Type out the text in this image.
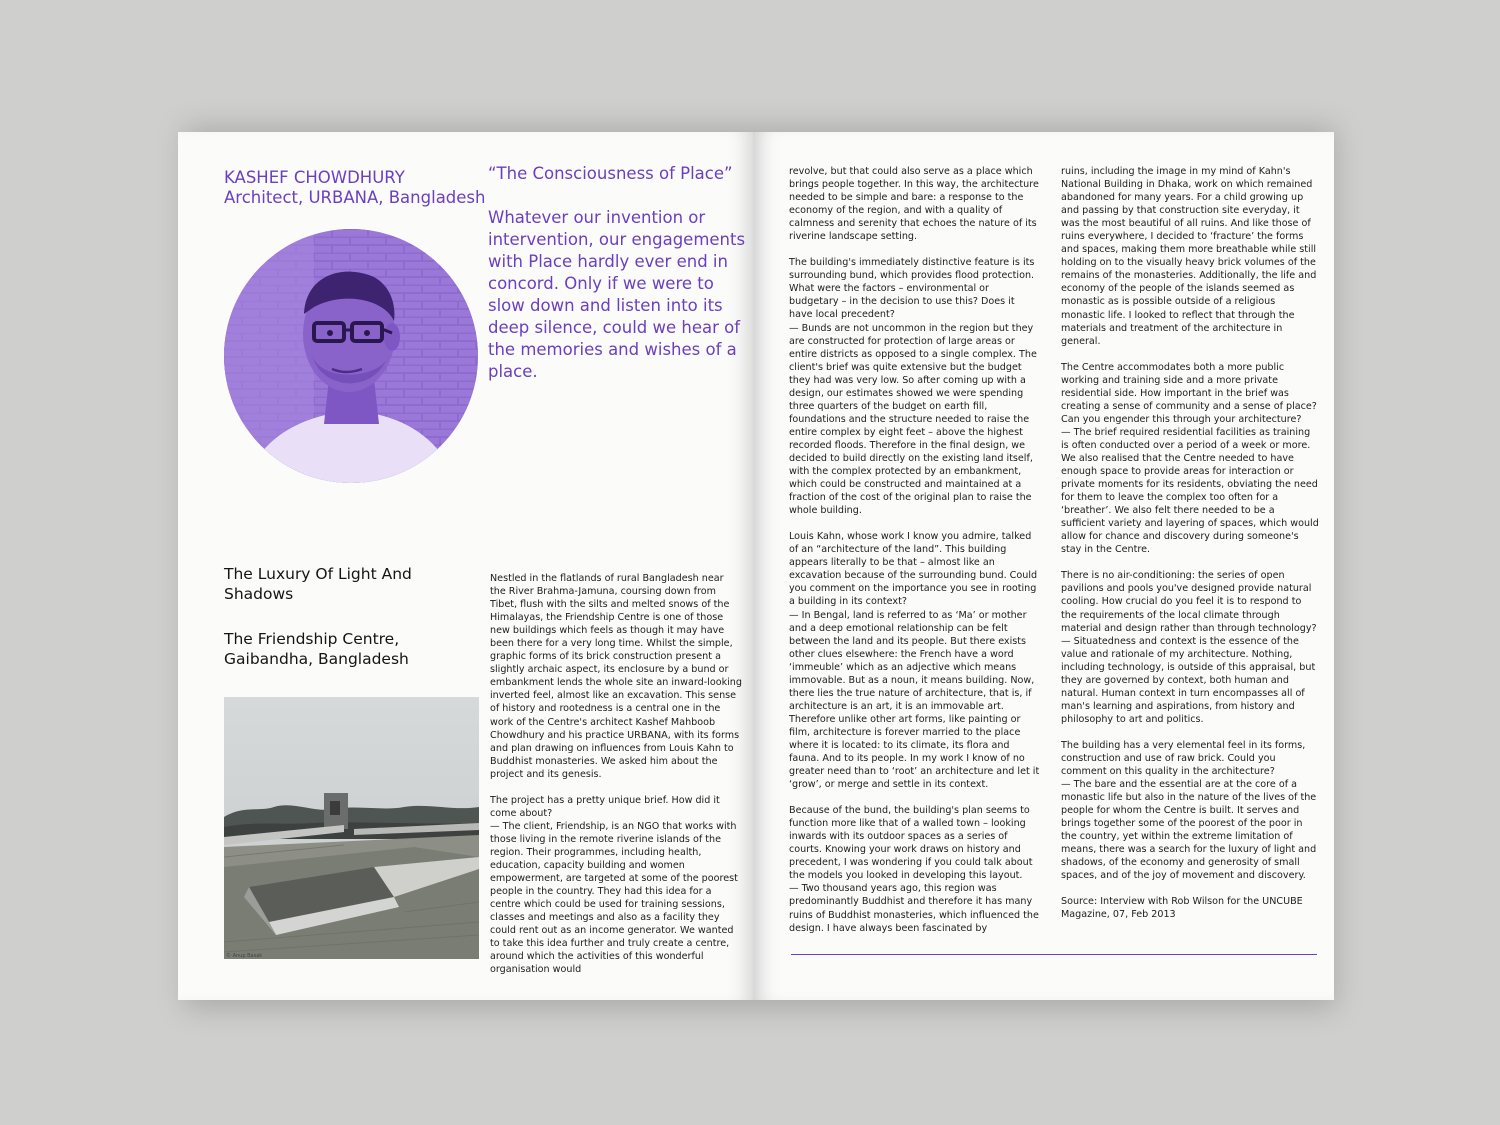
KASHEF CHOWDHURY
Architect, URBANA, Bangladesh
“The Consciousness of Place”
Whatever our invention or intervention, our engagements with Place hardly ever end in concord. Only if we were to slow down and listen into its deep silence, could we hear of the memories and wishes of a place.
The Luxury Of Light And Shadows
The Friendship Centre, Gaibandha, Bangladesh
© Anup Basak

Nestled in the flatlands of rural Bangladesh near the River Brahma-Jamuna, coursing down from Tibet, flush with the silts and melted snows of the Himalayas, the Friendship Centre is one of those new buildings which feels as though it may have been there for a very long time. Whilst the simple, graphic forms of its brick construction present a slightly archaic aspect, its enclosure by a bund or embankment lends the whole site an inward-looking inverted feel, almost like an excavation. This sense of history and rootedness is a central one in the work of the Centre's architect Kashef Mahboob Chowdhury and his practice URBANA, with its forms and plan drawing on influences from Louis Kahn to Buddhist monasteries. We asked him about the project and its genesis.

The project has a pretty unique brief. How did it come about?
— The client, Friendship, is an NGO that works with those living in the remote riverine islands of the region. Their programmes, including health, education, capacity building and women empowerment, are targeted at some of the poorest people in the country. They had this idea for a centre which could be used for training sessions, classes and meetings and also as a facility they could rent out as an income generator. We wanted to take this idea further and truly create a centre, around which the activities of this wonderful organisation would

revolve, but that could also serve as a place which brings people together. In this way, the architecture needed to be simple and bare: a response to the economy of the region, and with a quality of calmness and serenity that echoes the nature of its riverine landscape setting.

The building's immediately distinctive feature is its surrounding bund, which provides flood protection. What were the factors – environmental or budgetary – in the decision to use this? Does it have local precedent?
— Bunds are not uncommon in the region but they are constructed for protection of large areas or entire districts as opposed to a single complex. The client's brief was quite extensive but the budget they had was very low. So after coming up with a design, our estimates showed we were spending three quarters of the budget on earth fill, foundations and the structure needed to raise the entire complex by eight feet – above the highest recorded floods. Therefore in the final design, we decided to build directly on the existing land itself, with the complex protected by an embankment, which could be constructed and maintained at a fraction of the cost of the original plan to raise the whole building.

Louis Kahn, whose work I know you admire, talked of an “architecture of the land”. This building appears literally to be that – almost like an excavation because of the surrounding bund. Could you comment on the importance you see in rooting a building in its context?
— In Bengal, land is referred to as ‘Ma’ or mother and a deep emotional relationship can be felt between the land and its people. But there exists other clues elsewhere: the French have a word ‘immeuble’ which as an adjective which means immovable. But as a noun, it means building. Now, there lies the true nature of architecture, that is, if architecture is an art, it is an immovable art. Therefore unlike other art forms, like painting or film, architecture is forever married to the place where it is located: to its climate, its flora and fauna. And to its people. In my work I know of no greater need than to ‘root’ an architecture and let it ‘grow’, or merge and settle in its context.

Because of the bund, the building's plan seems to function more like that of a walled town – looking inwards with its outdoor spaces as a series of courts. Knowing your work draws on history and precedent, I was wondering if you could talk about the models you looked in developing this layout.
— Two thousand years ago, this region was predominantly Buddhist and therefore it has many ruins of Buddhist monasteries, which influenced the design. I have always been fascinated by

ruins, including the image in my mind of Kahn's National Building in Dhaka, work on which remained abandoned for many years. For a child growing up and passing by that construction site everyday, it was the most beautiful of all ruins. And like those of ruins everywhere, I decided to ‘fracture’ the forms and spaces, making them more breathable while still holding on to the visually heavy brick volumes of the remains of the monasteries. Additionally, the life and economy of the people of the islands seemed as monastic as is possible outside of a religious monastic life. I looked to reflect that through the materials and treatment of the architecture in general.

The Centre accommodates both a more public working and training side and a more private residential side. How important in the brief was creating a sense of community and a sense of place? Can you engender this through your architecture?
— The brief required residential facilities as training is often conducted over a period of a week or more. We also realised that the Centre needed to have enough space to provide areas for interaction or private moments for its residents, obviating the need for them to leave the complex too often for a ‘breather’. We also felt there needed to be a sufficient variety and layering of spaces, which would allow for chance and discovery during someone's stay in the Centre.

There is no air-conditioning: the series of open pavilions and pools you've designed provide natural cooling. How crucial do you feel it is to respond to the requirements of the local climate through material and design rather than through technology?
— Situatedness and context is the essence of the value and rationale of my architecture. Nothing, including technology, is outside of this appraisal, but they are governed by context, both human and natural. Human context in turn encompasses all of man's learning and aspirations, from history and philosophy to art and politics.

The building has a very elemental feel in its forms, construction and use of raw brick. Could you comment on this quality in the architecture?
— The bare and the essential are at the core of a monastic life but also in the nature of the lives of the people for whom the Centre is built. It serves and brings together some of the poorest of the poor in the country, yet within the extreme limitation of means, there was a search for the luxury of light and shadows, of the economy and generosity of small spaces, and of the joy of movement and discovery.

Source: Interview with Rob Wilson for the UNCUBE Magazine, 07, Feb 2013
